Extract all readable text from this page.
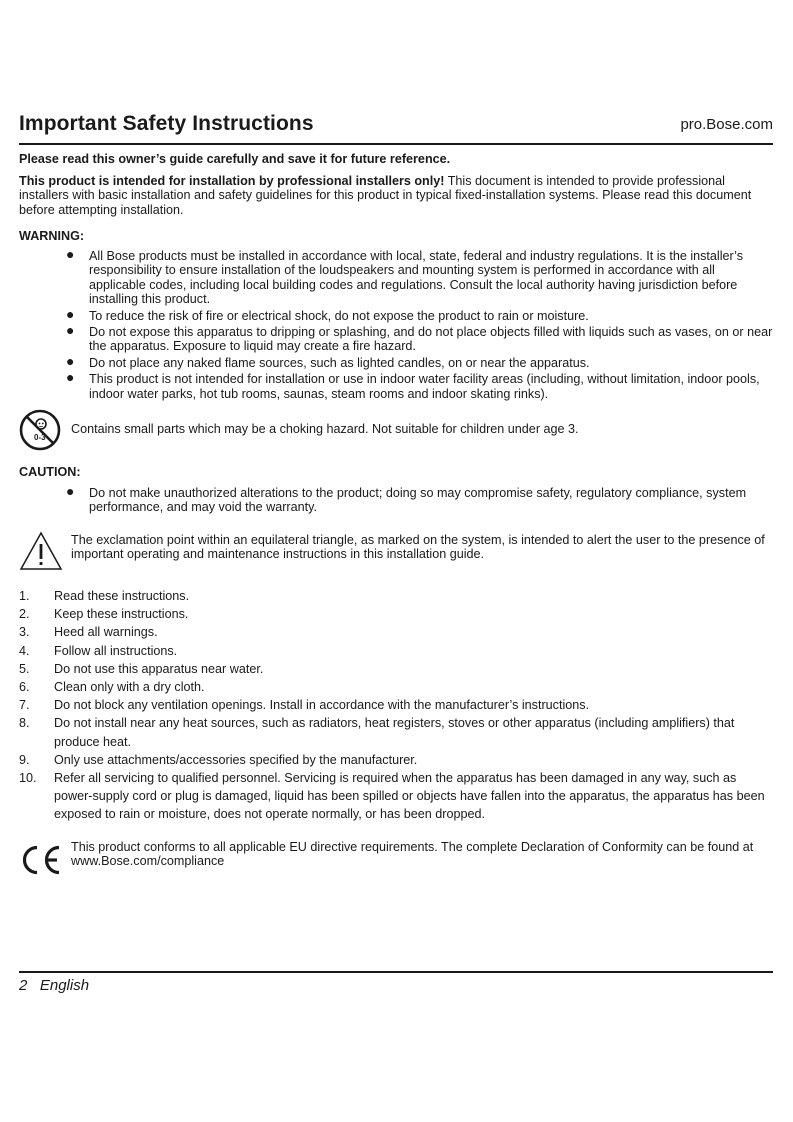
Important Safety Instructions	pro.Bose.com
Please read this owner’s guide carefully and save it for future reference.
This product is intended for installation by professional installers only! This document is intended to provide professional installers with basic installation and safety guidelines for this product in typical fixed-installation systems. Please read this document before attempting installation.
WARNING:
● All Bose products must be installed in accordance with local, state, federal and industry regulations. It is the installer’s responsibility to ensure installation of the loudspeakers and mounting system is performed in accordance with all applicable codes, including local building codes and regulations. Consult the local authority having jurisdiction before installing this product.
● To reduce the risk of fire or electrical shock, do not expose the product to rain or moisture.
● Do not expose this apparatus to dripping or splashing, and do not place objects filled with liquids such as vases, on or near the apparatus. Exposure to liquid may create a fire hazard.
● Do not place any naked flame sources, such as lighted candles, on or near the apparatus.
● This product is not intended for installation or use in indoor water facility areas (including, without limitation, indoor pools, indoor water parks, hot tub rooms, saunas, steam rooms and indoor skating rinks).
0-3
Contains small parts which may be a choking hazard. Not suitable for children under age 3.
CAUTION:
● Do not make unauthorized alterations to the product; doing so may compromise safety, regulatory compliance, system performance, and may void the warranty.
The exclamation point within an equilateral triangle, as marked on the system, is intended to alert the user to the presence of important operating and maintenance instructions in this installation guide.
1. Read these instructions.
2. Keep these instructions.
3. Heed all warnings.
4. Follow all instructions.
5. Do not use this apparatus near water.
6. Clean only with a dry cloth.
7. Do not block any ventilation openings. Install in accordance with the manufacturer’s instructions.
8. Do not install near any heat sources, such as radiators, heat registers, stoves or other apparatus (including amplifiers) that produce heat.
9. Only use attachments/accessories specified by the manufacturer.
10. Refer all servicing to qualified personnel. Servicing is required when the apparatus has been damaged in any way, such as power-supply cord or plug is damaged, liquid has been spilled or objects have fallen into the apparatus, the apparatus has been exposed to rain or moisture, does not operate normally, or has been dropped.
This product conforms to all applicable EU directive requirements. The complete Declaration of Conformity can be found at www.Bose.com/compliance
2 English
